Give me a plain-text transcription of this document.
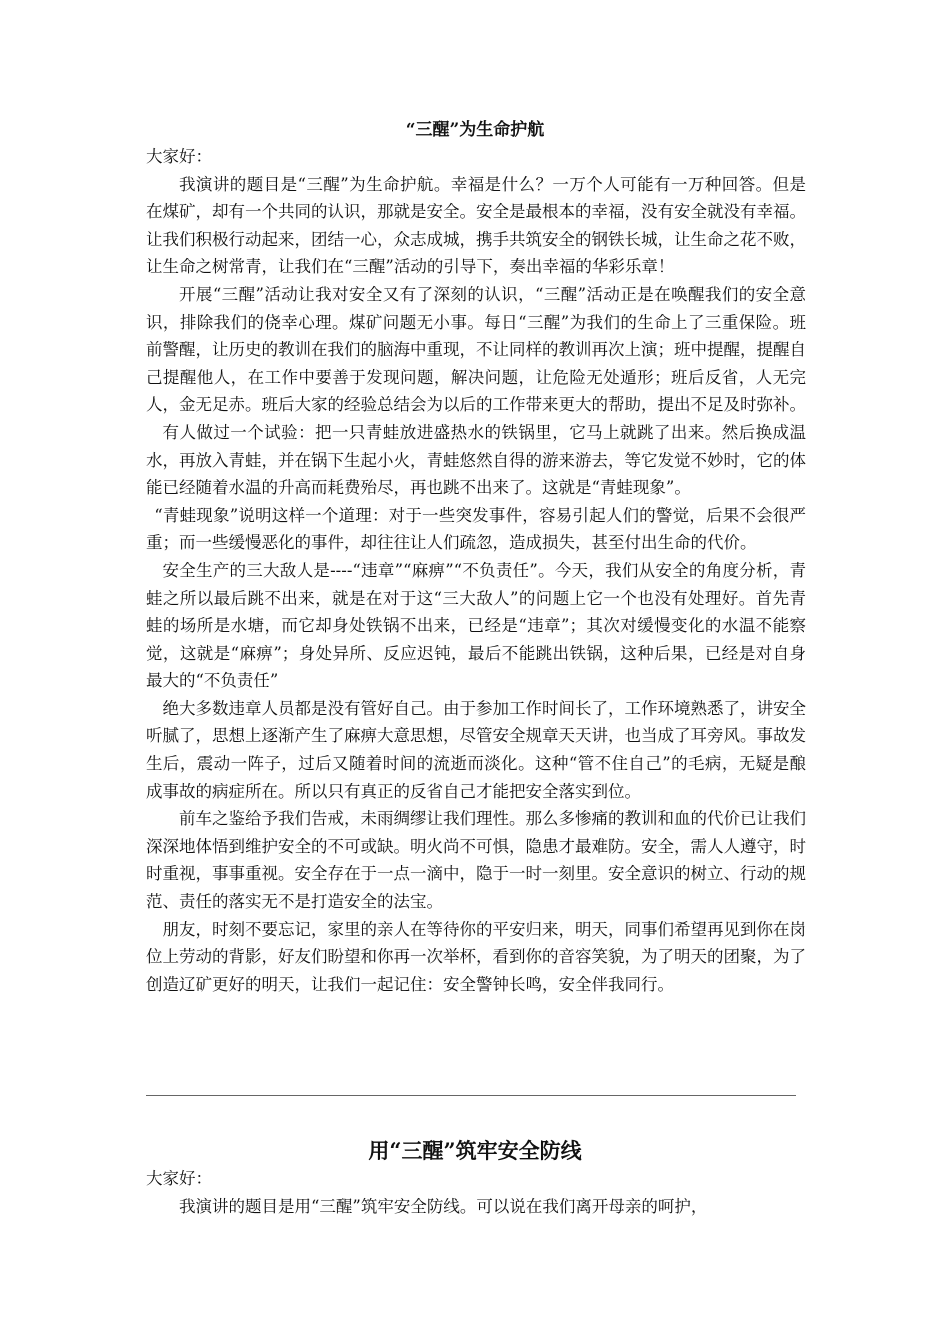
“三醒”为生命护航

大家好：

我演讲的题目是“三醒”为生命护航。幸福是什么？一万个人可能有一万种回答。但是在煤矿，却有一个共同的认识，那就是安全。安全是最根本的幸福，没有安全就没有幸福。让我们积极行动起来，团结一心，众志成城，携手共筑安全的钢铁长城，让生命之花不败，让生命之树常青，让我们在“三醒”活动的引导下，奏出幸福的华彩乐章！

开展“三醒”活动让我对安全又有了深刻的认识，“三醒”活动正是在唤醒我们的安全意识，排除我们的侥幸心理。煤矿问题无小事。每日“三醒”为我们的生命上了三重保险。班前警醒，让历史的教训在我们的脑海中重现，不让同样的教训再次上演；班中提醒，提醒自己提醒他人，在工作中要善于发现问题，解决问题，让危险无处遁形；班后反省，人无完人，金无足赤。班后大家的经验总结会为以后的工作带来更大的帮助，提出不足及时弥补。

有人做过一个试验：把一只青蛙放进盛热水的铁锅里，它马上就跳了出来。然后换成温水，再放入青蛙，并在锅下生起小火，青蛙悠然自得的游来游去，等它发觉不妙时，它的体能已经随着水温的升高而耗费殆尽，再也跳不出来了。这就是“青蛙现象”。

“青蛙现象”说明这样一个道理：对于一些突发事件，容易引起人们的警觉，后果不会很严重；而一些缓慢恶化的事件，却往往让人们疏忽，造成损失，甚至付出生命的代价。

安全生产的三大敌人是----“违章”“麻痹”“不负责任”。今天，我们从安全的角度分析，青蛙之所以最后跳不出来，就是在对于这“三大敌人”的问题上它一个也没有处理好。首先青蛙的场所是水塘，而它却身处铁锅不出来，已经是“违章”；其次对缓慢变化的水温不能察觉，这就是“麻痹”；身处异所、反应迟钝，最后不能跳出铁锅，这种后果，已经是对自身最大的“不负责任”

绝大多数违章人员都是没有管好自己。由于参加工作时间长了，工作环境熟悉了，讲安全听腻了，思想上逐渐产生了麻痹大意思想，尽管安全规章天天讲，也当成了耳旁风。事故发生后，震动一阵子，过后又随着时间的流逝而淡化。这种“管不住自己”的毛病，无疑是酿成事故的病症所在。所以只有真正的反省自己才能把安全落实到位。

前车之鉴给予我们告戒，未雨绸缪让我们理性。那么多惨痛的教训和血的代价已让我们深深地体悟到维护安全的不可或缺。明火尚不可惧，隐患才最难防。安全，需人人遵守，时时重视，事事重视。安全存在于一点一滴中，隐于一时一刻里。安全意识的树立、行动的规范、责任的落实无不是打造安全的法宝。

朋友，时刻不要忘记，家里的亲人在等待你的平安归来，明天，同事们希望再见到你在岗位上劳动的背影，好友们盼望和你再一次举杯，看到你的音容笑貌，为了明天的团聚，为了创造辽矿更好的明天，让我们一起记住：安全警钟长鸣，安全伴我同行。

用“三醒”筑牢安全防线

大家好：

我演讲的题目是用“三醒”筑牢安全防线。可以说在我们离开母亲的呵护，
